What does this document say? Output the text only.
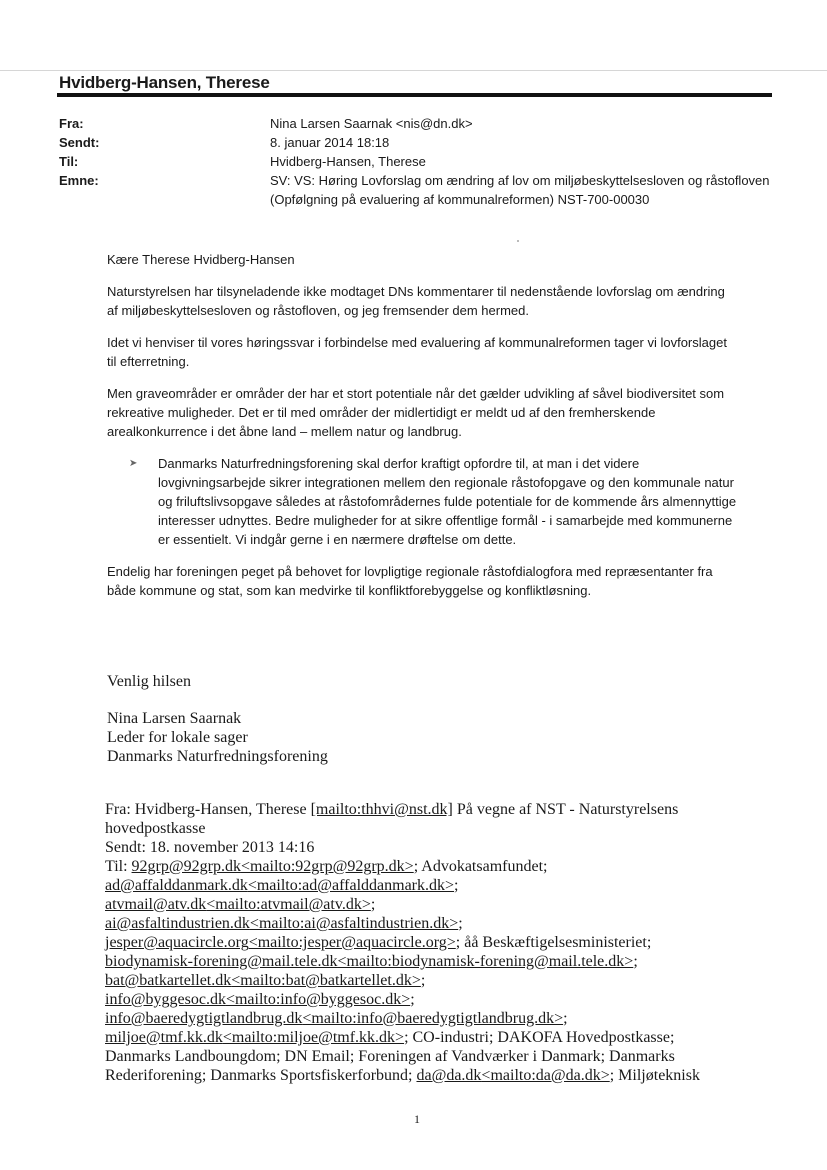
Hvidberg-Hansen, Therese
Fra:	Nina Larsen Saarnak <nis@dn.dk>
Sendt:	8. januar 2014 18:18
Til:	Hvidberg-Hansen, Therese
Emne:	SV: VS: Høring Lovforslag om ændring af lov om miljøbeskyttelsesloven og råstofloven (Opfølgning på evaluering af kommunalreformen) NST-700-00030

Kære Therese Hvidberg-Hansen

Naturstyrelsen har tilsyneladende ikke modtaget DNs kommentarer til nedenstående lovforslag om ændring af miljøbeskyttelsesloven og råstofloven, og jeg fremsender dem hermed.

Idet vi henviser til vores høringssvar i forbindelse med evaluering af kommunalreformen tager vi lovforslaget til efterretning.

Men graveområder er områder der har et stort potentiale når det gælder udvikling af såvel biodiversitet som rekreative muligheder. Det er til med områder der midlertidigt er meldt ud af den fremherskende arealkonkurrence i det åbne land – mellem natur og landbrug.

➤	Danmarks Naturfredningsforening skal derfor kraftigt opfordre til, at man i det videre lovgivningsarbejde sikrer integrationen mellem den regionale råstofopgave og den kommunale natur og friluftslivsopgave således at råstofområdernes fulde potentiale for de kommende års almennyttige interesser udnyttes. Bedre muligheder for at sikre offentlige formål - i samarbejde med kommunerne er essentielt. Vi indgår gerne i en nærmere drøftelse om dette.

Endelig har foreningen peget på behovet for lovpligtige regionale råstofdialogfora med repræsentanter fra både kommune og stat, som kan medvirke til konfliktforebyggelse og konfliktløsning.

Venlig hilsen
Nina Larsen Saarnak
Leder for lokale sager
Danmarks Naturfredningsforening
Fra: Hvidberg-Hansen, Therese [mailto:thhvi@nst.dk] På vegne af NST - Naturstyrelsens hovedpostkasse
Sendt: 18. november 2013 14:16
Til: 92grp@92grp.dk<mailto:92grp@92grp.dk>; Advokatsamfundet;
ad@affalddanmark.dk<mailto:ad@affalddanmark.dk>;
atvmail@atv.dk<mailto:atvmail@atv.dk>;
ai@asfaltindustrien.dk<mailto:ai@asfaltindustrien.dk>;
jesper@aquacircle.org<mailto:jesper@aquacircle.org>; åå Beskæftigelsesministeriet;
biodynamisk-forening@mail.tele.dk<mailto:biodynamisk-forening@mail.tele.dk>;
bat@batkartellet.dk<mailto:bat@batkartellet.dk>;
info@byggesoc.dk<mailto:info@byggesoc.dk>;
info@baeredygtigtlandbrug.dk<mailto:info@baeredygtigtlandbrug.dk>;
miljoe@tmf.kk.dk<mailto:miljoe@tmf.kk.dk>; CO-industri; DAKOFA Hovedpostkasse;
Danmarks Landboungdom; DN Email; Foreningen af Vandværker i Danmark; Danmarks
Rederiforening; Danmarks Sportsfiskerforbund; da@da.dk<mailto:da@da.dk>; Miljøteknisk
1
